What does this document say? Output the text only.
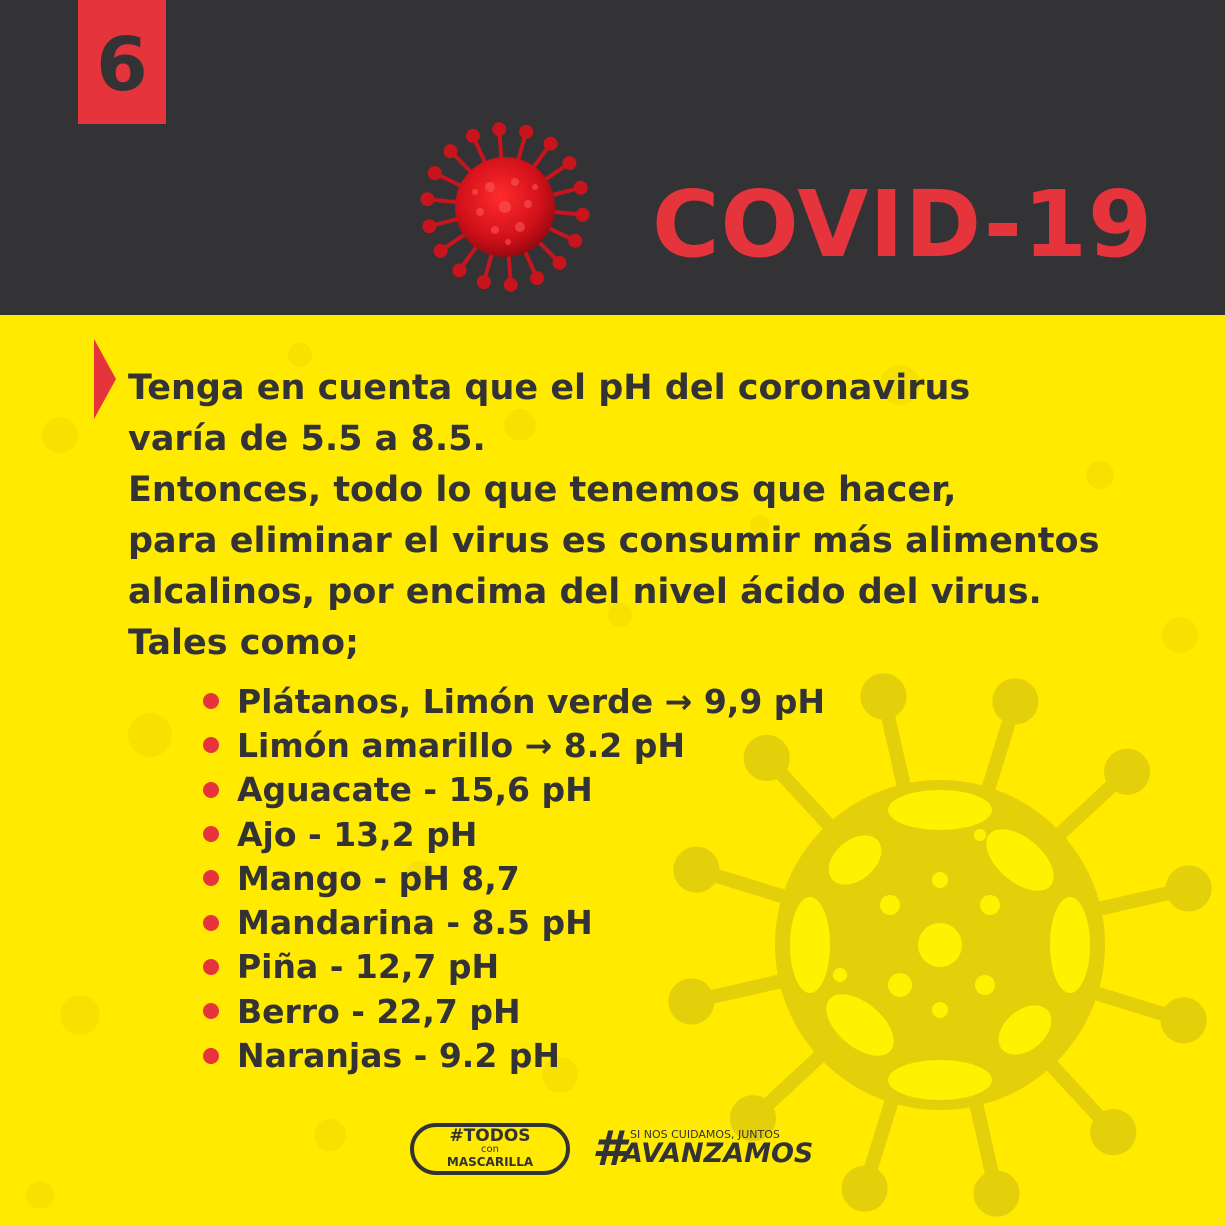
6
COVID-19
Tenga en cuenta que el pH del coronavirus
varía de 5.5 a 8.5.
Entonces, todo lo que tenemos que hacer,
para eliminar el virus es consumir más alimentos
alcalinos, por encima del nivel ácido del virus.
Tales como;
Plátanos, Limón verde → 9,9 pH
Limón amarillo → 8.2 pH
Aguacate - 15,6 pH
Ajo - 13,2 pH
Mango - pH 8,7
Mandarina - 8.5 pH
Piña - 12,7 pH
Berro - 22,7 pH
Naranjas - 9.2 pH
#TODOS
con
MASCARILLA	# SI NOS CUIDAMOS, JUNTOS
AVANZAMOS
